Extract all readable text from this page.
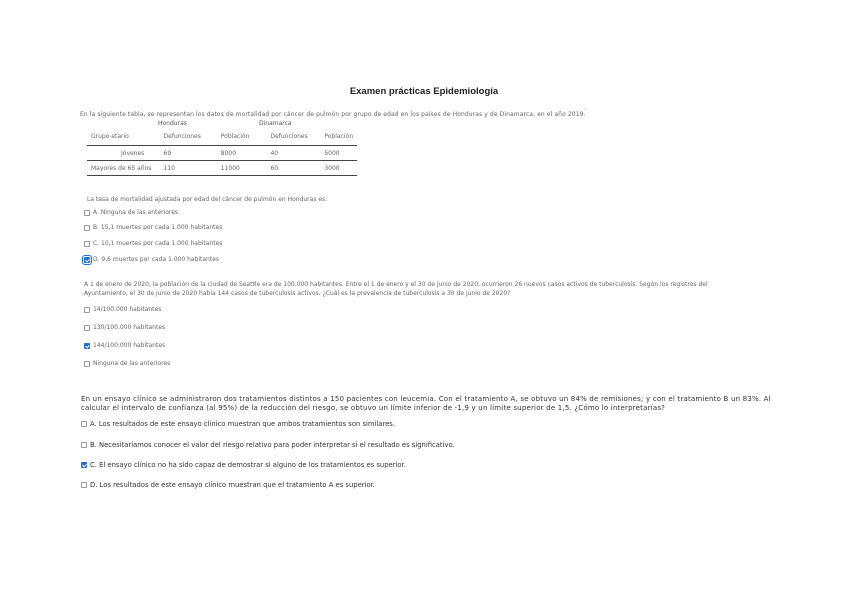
Examen prácticas Epidemiología
En la siguiente tabla, se representan los datos de mortalidad por cáncer de pulmón por grupo de edad en los países de Honduras y de Dinamarca, en el año 2019.
¨
Honduras	Dinamarca
Grupo etario	Defunciones	Población	Defunciones	Población
Jóvenes	69	8000	40	5000
Mayores de 65 años	110	11000	60	3000
La tasa de mortalidad ajustada por edad del cáncer de pulmón en Honduras es:
A. Ninguna de las anteriores
B. 15,1 muertes por cada 1.000 habitantes
C. 10,1 muertes por cada 1.000 habitantes
D. 9,6 muertes por cada 1.000 habitantes
A 1 de enero de 2020, la población de la ciudad de Seattle era de 100.000 habitantes. Entre el 1 de enero y el 30 de junio de 2020, ocurrieron 26 nuevos casos activos de tuberculosis. Según los registros del Ayuntamiento, el 30 de junio de 2020 había 144 casos de tuberculosis activos. ¿Cuál es la prevalencia de tuberculosis a 30 de junio de 2020?
14/100.000 habitantes
130/100.000 habitantes
144/100.000 habitantes
Ninguna de las anteriores
En un ensayo clínico se administraron dos tratamientos distintos a 150 pacientes con leucemia. Con el tratamiento A, se obtuvo un 84% de remisiones; y con el tratamiento B un 83%. Al calcular el intervalo de confianza (al 95%) de la reducción del riesgo, se obtuvo un límite inferior de -1,9 y un límite superior de 1,5. ¿Cómo lo interpretarías?
A. Los resultados de este ensayo clínico muestran que ambos tratamientos son similares.
B. Necesitaríamos conocer el valor del riesgo relativo para poder interpretar si el resultado es significativo.
C. El ensayo clínico no ha sido capaz de demostrar si alguno de los tratamientos es superior.
D. Los resultados de este ensayo clínico muestran que el tratamiento A es superior.
